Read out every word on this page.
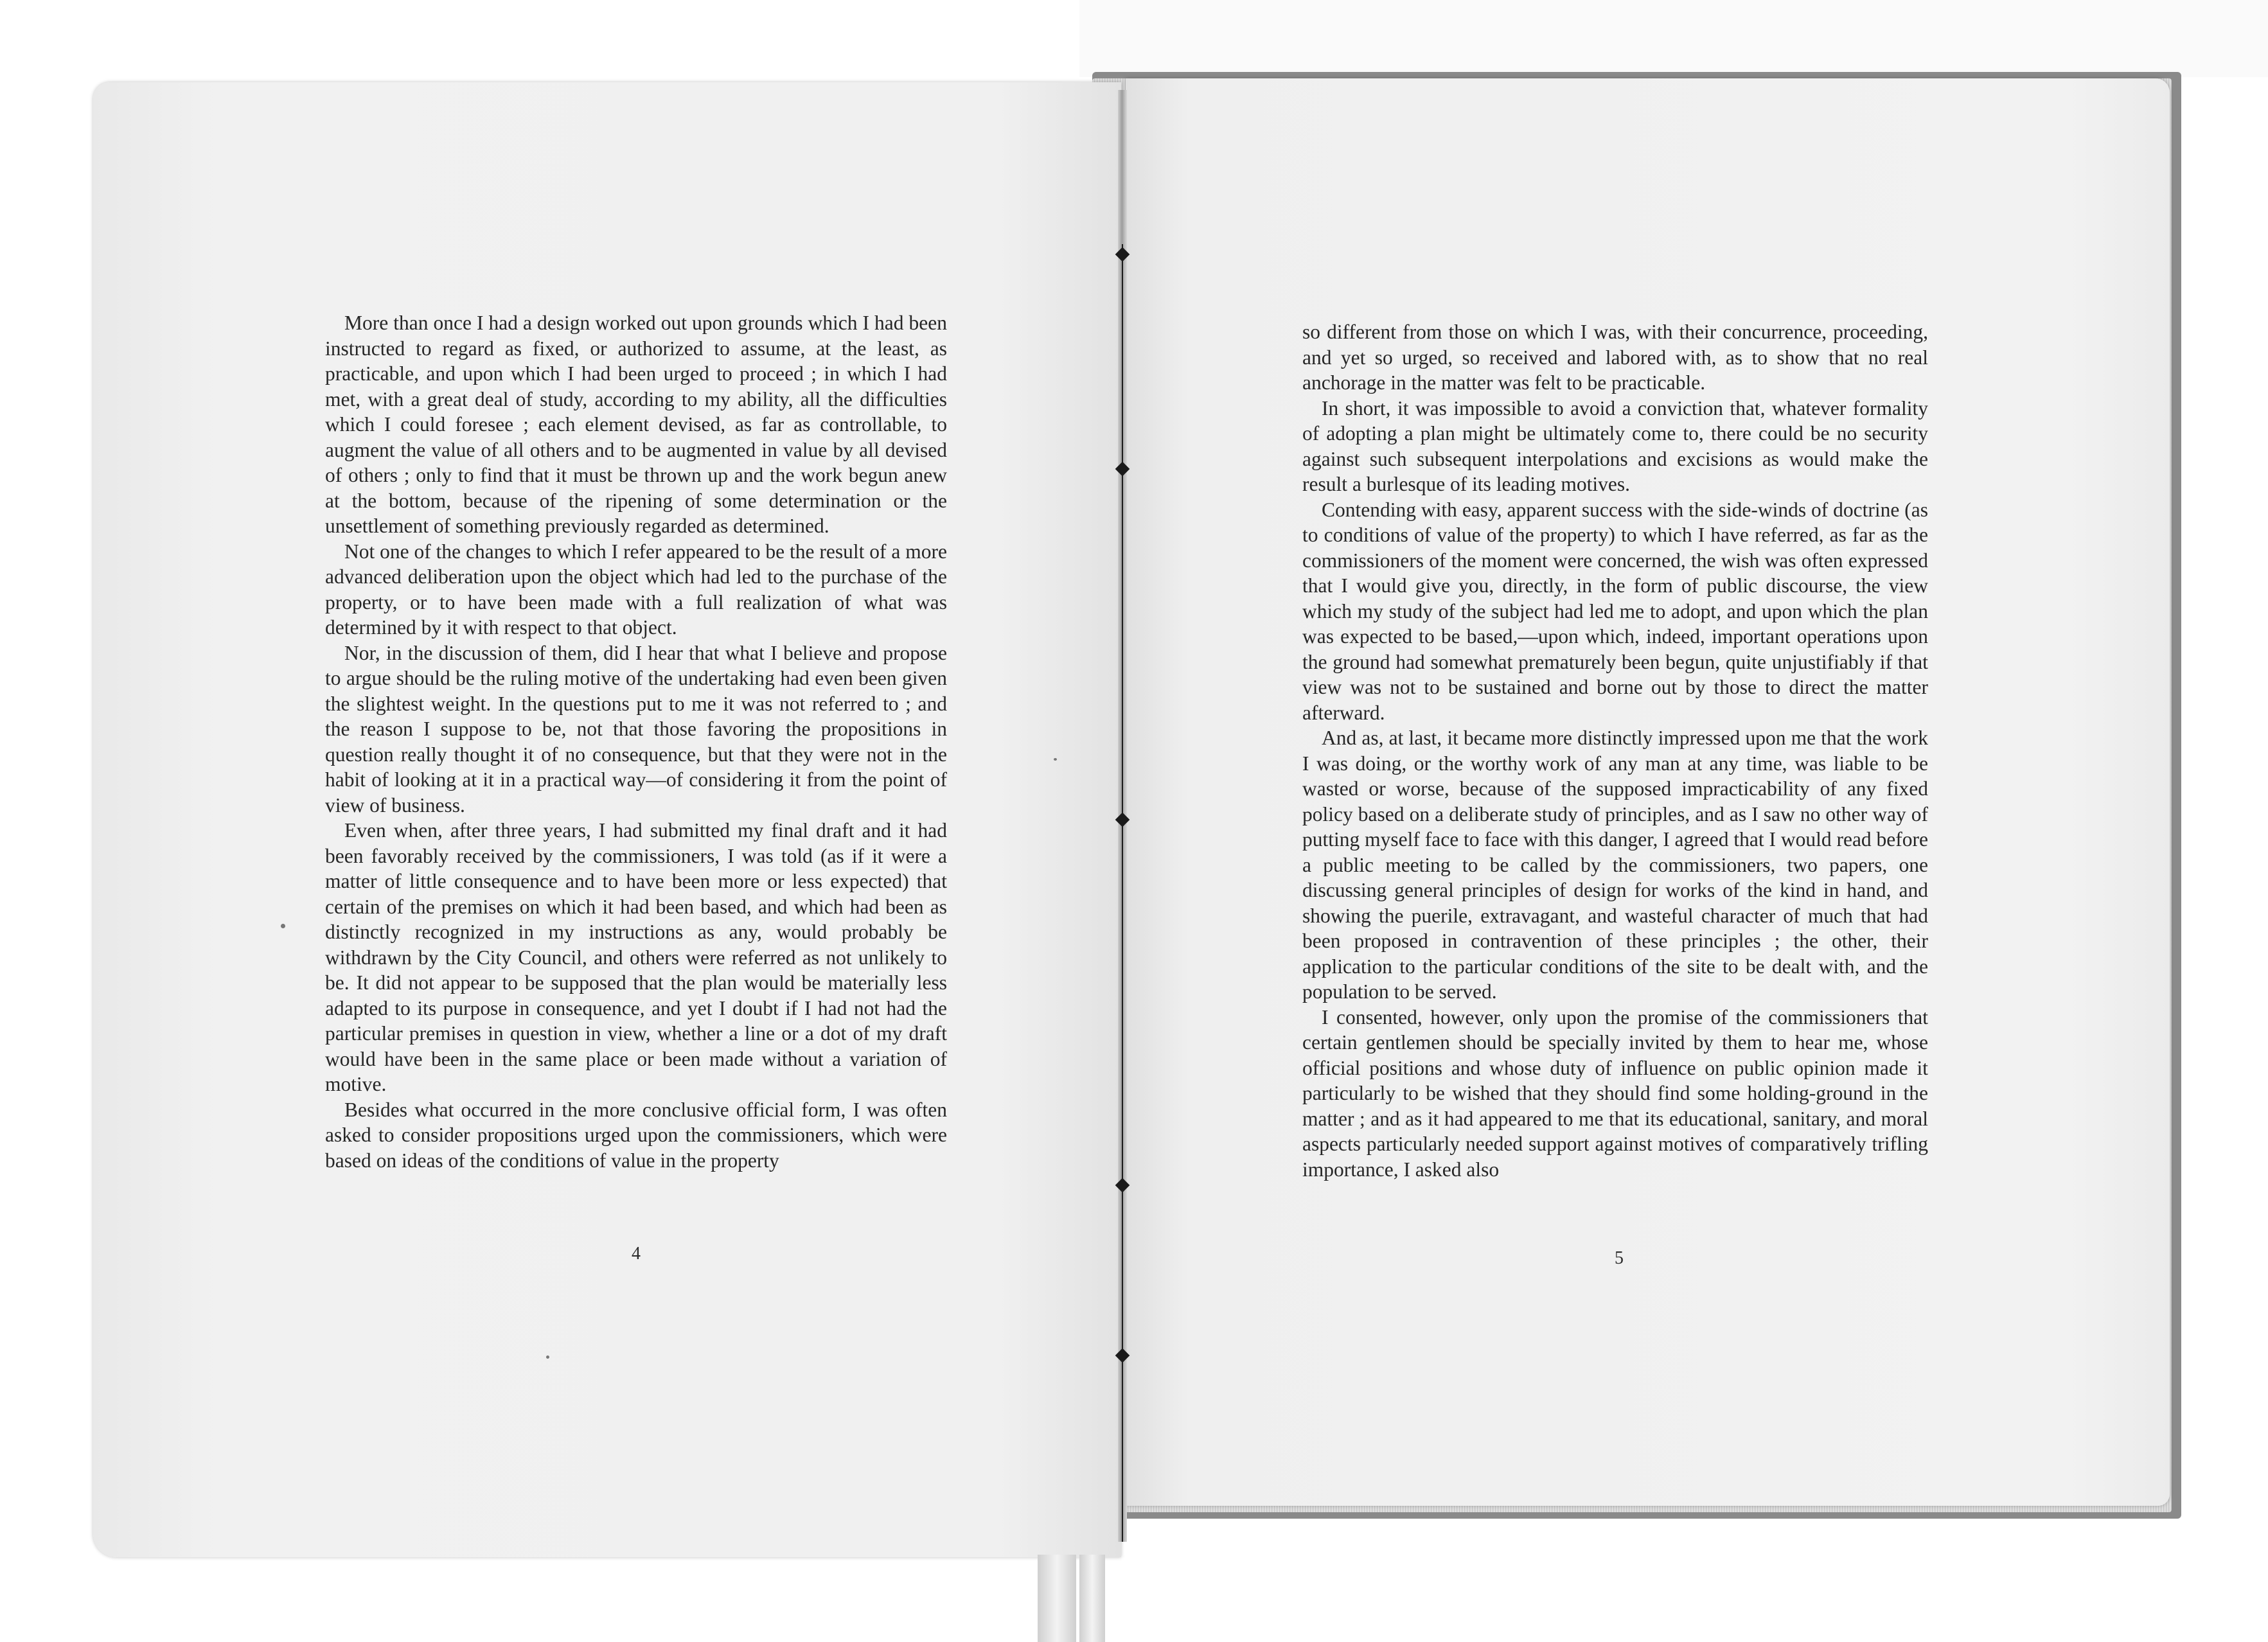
More than once I had a design worked out upon grounds which I had been instructed to regard as fixed, or authorized to assume, at the least, as practicable, and upon which I had been urged to proceed ; in which I had met, with a great deal of study, according to my ability, all the difficulties which I could foresee ; each element devised, as far as controllable, to augment the value of all others and to be augmented in value by all devised of others ; only to find that it must be thrown up and the work begun anew at the bottom, because of the ripening of some determination or the unsettlement of something previously regarded as determined.

Not one of the changes to which I refer appeared to be the result of a more advanced deliberation upon the object which had led to the purchase of the property, or to have been made with a full realization of what was determined by it with respect to that object.

Nor, in the discussion of them, did I hear that what I believe and propose to argue should be the ruling motive of the undertaking had even been given the slightest weight. In the questions put to me it was not referred to ; and the reason I suppose to be, not that those favoring the propositions in question really thought it of no consequence, but that they were not in the habit of looking at it in a practical way—of considering it from the point of view of business.

Even when, after three years, I had submitted my final draft and it had been favorably received by the commissioners, I was told (as if it were a matter of little consequence and to have been more or less expected) that certain of the premises on which it had been based, and which had been as distinctly recognized in my instructions as any, would probably be withdrawn by the City Council, and others were referred as not unlikely to be. It did not appear to be supposed that the plan would be materially less adapted to its purpose in consequence, and yet I doubt if I had not had the particular premises in question in view, whether a line or a dot of my draft would have been in the same place or been made without a variation of motive.

Besides what occurred in the more conclusive official form, I was often asked to consider propositions urged upon the commissioners, which were based on ideas of the conditions of value in the property

4

so different from those on which I was, with their concurrence, proceeding, and yet so urged, so received and labored with, as to show that no real anchorage in the matter was felt to be practicable.

In short, it was impossible to avoid a conviction that, whatever formality of adopting a plan might be ultimately come to, there could be no security against such subsequent interpolations and excisions as would make the result a burlesque of its leading motives.

Contending with easy, apparent success with the side-winds of doctrine (as to conditions of value of the property) to which I have referred, as far as the commissioners of the moment were concerned, the wish was often expressed that I would give you, directly, in the form of public discourse, the view which my study of the subject had led me to adopt, and upon which the plan was expected to be based,—upon which, indeed, important operations upon the ground had somewhat prematurely been begun, quite unjustifiably if that view was not to be sustained and borne out by those to direct the matter afterward.

And as, at last, it became more distinctly impressed upon me that the work I was doing, or the worthy work of any man at any time, was liable to be wasted or worse, because of the supposed impracticability of any fixed policy based on a deliberate study of principles, and as I saw no other way of putting myself face to face with this danger, I agreed that I would read before a public meeting to be called by the commissioners, two papers, one discussing general principles of design for works of the kind in hand, and showing the puerile, extravagant, and wasteful character of much that had been proposed in contravention of these principles ; the other, their application to the particular conditions of the site to be dealt with, and the population to be served.

I consented, however, only upon the promise of the commissioners that certain gentlemen should be specially invited by them to hear me, whose official positions and whose duty of influence on public opinion made it particularly to be wished that they should find some holding-ground in the matter ; and as it had appeared to me that its educational, sanitary, and moral aspects particularly needed support against motives of comparatively trifling importance, I asked also

5
